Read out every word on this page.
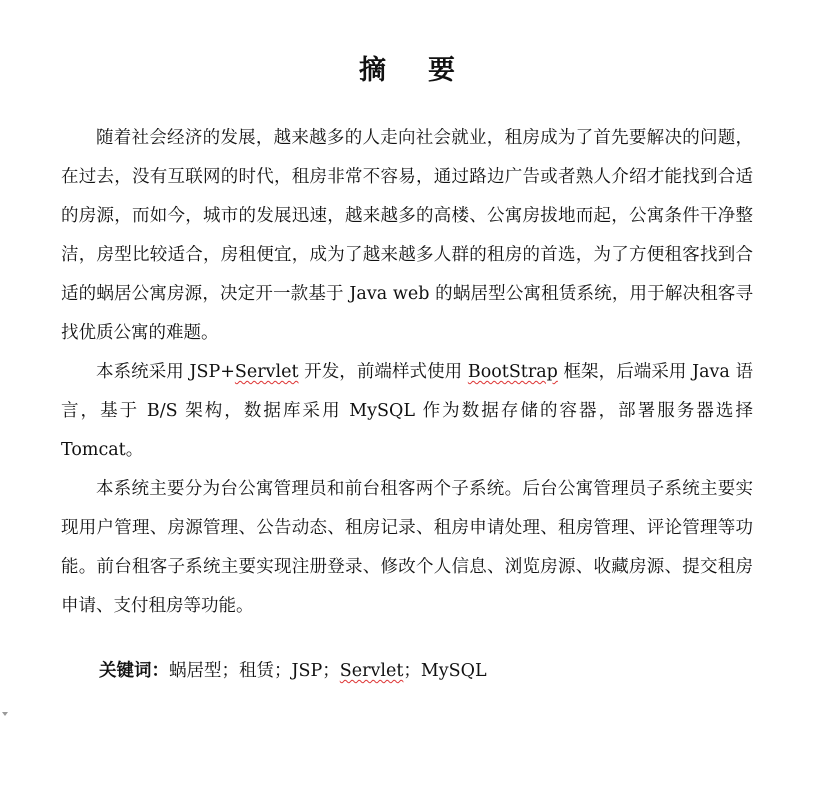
摘 要

随着社会经济的发展，越来越多的人走向社会就业，租房成为了首先要解决的问题，在过去，没有互联网的时代，租房非常不容易，通过路边广告或者熟人介绍才能找到合适的房源，而如今，城市的发展迅速，越来越多的高楼、公寓房拔地而起，公寓条件干净整洁，房型比较适合，房租便宜，成为了越来越多人群的租房的首选，为了方便租客找到合适的蜗居公寓房源，决定开一款基于 Java web 的蜗居型公寓租赁系统，用于解决租客寻找优质公寓的难题。

本系统采用 JSP+Servlet 开发，前端样式使用 BootStrap 框架，后端采用 Java 语言，基于 B/S 架构，数据库采用 MySQL 作为数据存储的容器，部署服务器选择 Tomcat。

本系统主要分为台公寓管理员和前台租客两个子系统。后台公寓管理员子系统主要实现用户管理、房源管理、公告动态、租房记录、租房申请处理、租房管理、评论管理等功能。前台租客子系统主要实现注册登录、修改个人信息、浏览房源、收藏房源、提交租房申请、支付租房等功能。

关键词：蜗居型；租赁；JSP；Servlet；MySQL
